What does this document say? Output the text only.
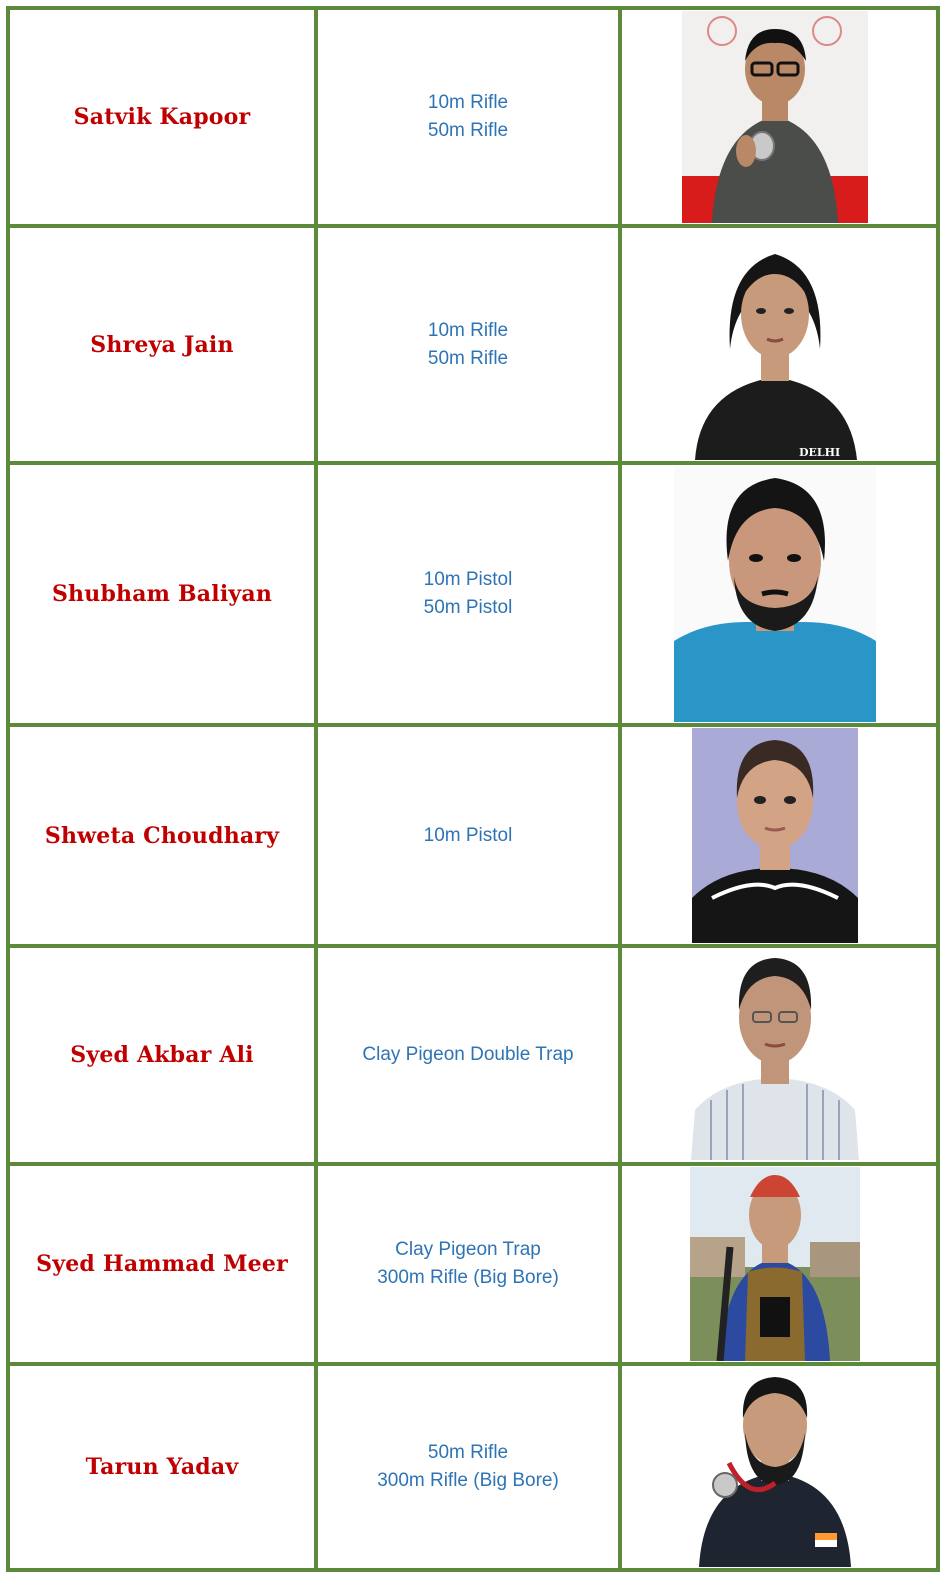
Satvik Kapoor
10m Rifle
50m Rifle
Shreya Jain
10m Rifle
50m Rifle
DELHI
Shubham Baliyan
10m Pistol
50m Pistol
Shweta Choudhary	10m Pistol
Syed Akbar Ali	Clay Pigeon Double Trap
Syed Hammad Meer
Clay Pigeon Trap
300m Rifle (Big Bore)
Tarun Yadav
50m Rifle
300m Rifle (Big Bore)
